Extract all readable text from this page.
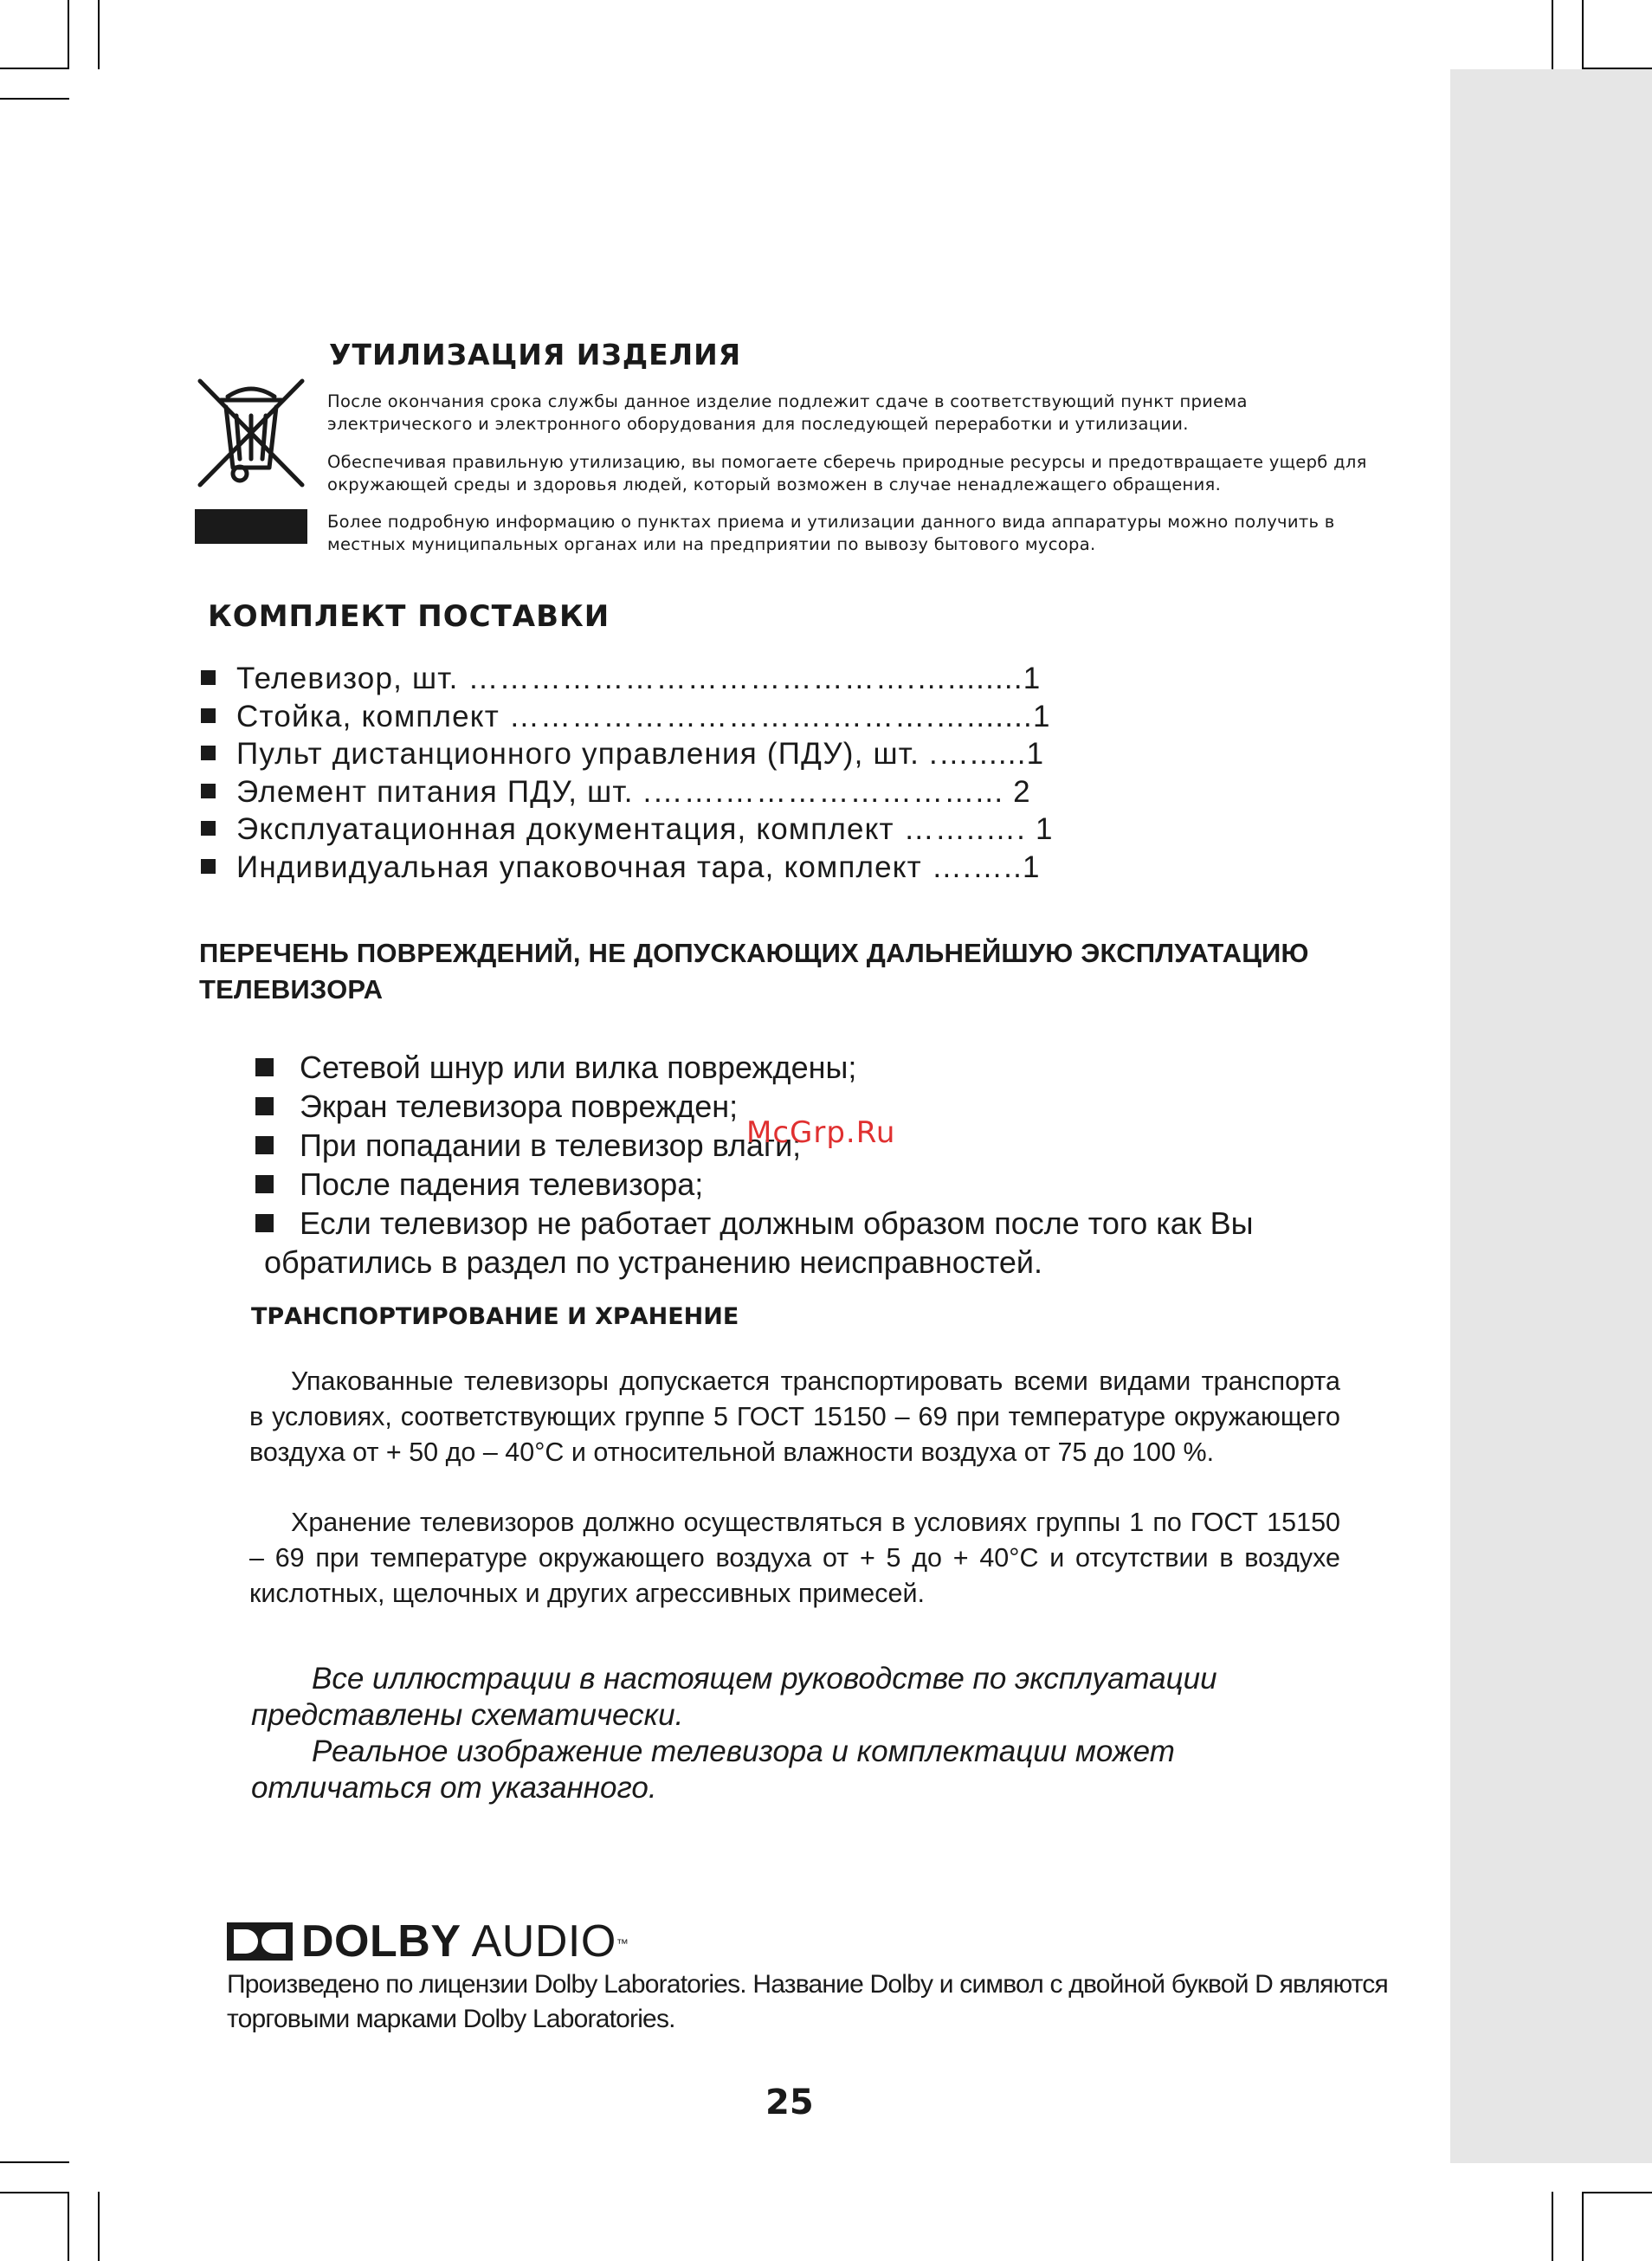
УТИЛИЗАЦИЯ ИЗДЕЛИЯ

После окончания срока службы данное изделие подлежит сдаче в соответствующий пункт приема электрического и электронного оборудования для последующей переработки и утилизации.

Обеспечивая правильную утилизацию, вы помогаете сберечь природные ресурсы и предотвращаете ущерб для окружающей среды и здоровья людей, который возможен в случае ненадлежащего обращения.

Более подробную информацию о пунктах приема и утилизации данного вида аппаратуры можно получить в местных муниципальных органах или на предприятии по вывозу бытового мусора.

КОМПЛЕКТ ПОСТАВКИ
Телевизор, шт. …………………………………….…........1
Стойка, комплект ………………………….……….….......1
Пульт дистанционного управления (ПДУ), шт. .…......1
Элемент питания ПДУ, шт. .…….……………………... 2
Эксплуатационная документация, комплект ……..…. 1
Индивидуальная упаковочная тара, комплект ….…..1
ПЕРЕЧЕНЬ ПОВРЕЖДЕНИЙ, НЕ ДОПУСКАЮЩИХ ДАЛЬНЕЙШУЮ ЭКСПЛУАТАЦИЮ ТЕЛЕВИЗОРА
Сетевой шнур или вилка повреждены;
Экран телевизора поврежден;
При попадании в телевизор влаги;
После падения телевизора;
Если телевизор не работает должным образом после того как Вы
обратились в раздел по устранению неисправностей.
McGrp.Ru
ТРАНСПОРТИРОВАНИЕ И ХРАНЕНИЕ

Упакованные телевизоры допускается транспортировать всеми видами транспорта в условиях, соответствующих группе 5 ГОСТ 15150 – 69 при температуре окружающего воздуха от + 50 до – 40°С и относительной влажности воздуха от 75 до 100 %.

Хранение телевизоров должно осуществляться в условиях группы 1 по ГОСТ 15150 – 69 при температуре окружающего воздуха от + 5 до + 40°С и отсутствии в воздухе кислотных, щелочных и других агрессивных примесей.

Все иллюстрации в настоящем руководстве по эксплуатации представлены схематически.

Реальное изображение телевизора и комплектации может отличаться от указанного.

DOLBY AUDIO™

Произведено по лицензии Dolby Laboratories. Название Dolby и символ с двойной буквой D являются торговыми марками Dolby Laboratories.

25
